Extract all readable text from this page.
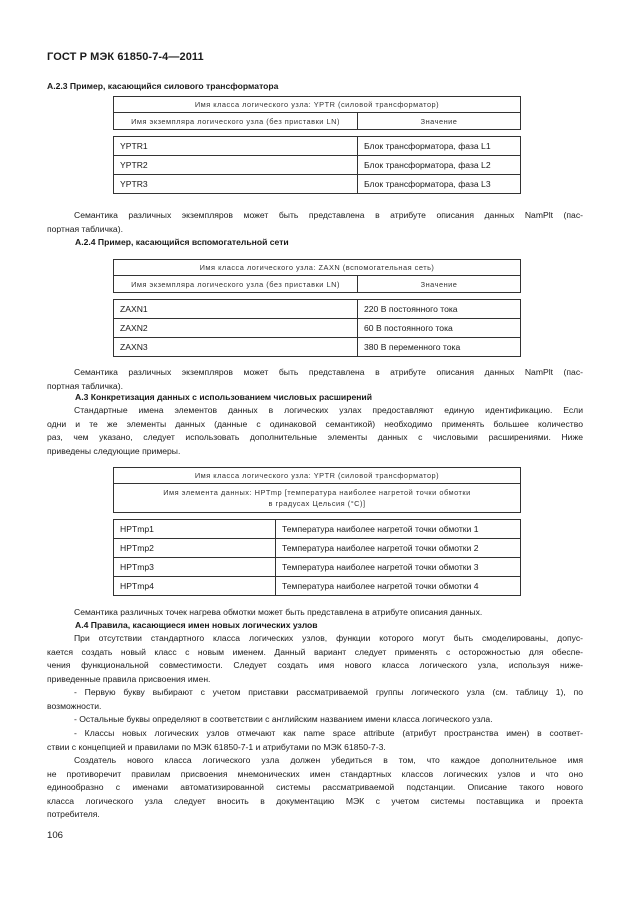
ГОСТ Р МЭК 61850-7-4—2011
А.2.3 Пример, касающийся силового трансформатора
Имя класса логического узла: YPTR (силовой трансформатор)	
Имя экземпляра логического узла (без приставки LN)	Значение

YPTR1	Блок трансформатора, фаза L1
YPTR2	Блок трансформатора, фаза L2
YPTR3	Блок трансформатора, фаза L3
Семантика различных экземпляров может быть представлена в атрибуте описания данных NamPlt (пас-
портная табличка).
А.2.4 Пример, касающийся вспомогательной сети
Имя класса логического узла: ZAXN (вспомогательная сеть)	
Имя экземпляра логического узла (без приставки LN)	Значение

ZAXN1	220 В постоянного тока
ZAXN2	60 В постоянного тока
ZAXN3	380 В переменного тока
Семантика различных экземпляров может быть представлена в атрибуте описания данных NamPlt (пас-
портная табличка).
А.3 Конкретизация данных с использованием числовых расширений
Стандартные имена элементов данных в логических узлах предоставляют единую идентификацию. Если
одни и те же элементы данных (данные с одинаковой семантикой) необходимо применять большее количество
раз, чем указано, следует использовать дополнительные элементы данных с числовыми расширениями. Ниже
приведены следующие примеры.
Имя класса логического узла: YPTR (силовой трансформатор)	

Имя элемента данных: HPTmp [температура наиболее нагретой точки обмотки
в градусах Цельсия (°С)]	

HPTmp1	Температура наиболее нагретой точки обмотки 1
HPTmp2	Температура наиболее нагретой точки обмотки 2
HPTmp3	Температура наиболее нагретой точки обмотки 3
HPTmp4	Температура наиболее нагретой точки обмотки 4
Семантика различных точек нагрева обмотки может быть представлена в атрибуте описания данных.
А.4 Правила, касающиеся имен новых логических узлов
При отсутствии стандартного класса логических узлов, функции которого могут быть смоделированы, допус-
кается создать новый класс с новым именем. Данный вариант следует применять с осторожностью для обеспе-
чения функциональной совместимости. Следует создать имя нового класса логического узла, используя ниже-
приведенные правила присвоения имен.
- Первую букву выбирают с учетом приставки рассматриваемой группы логического узла (см. таблицу 1), по
возможности.
- Остальные буквы определяют в соответствии с английским названием имени класса логического узла.
- Классы новых логических узлов отмечают как name space attribute (атрибут пространства имен) в соответ-
ствии с концепцией и правилами по МЭК 61850-7-1 и атрибутами по МЭК 61850-7-3.
Создатель нового класса логического узла должен убедиться в том, что каждое дополнительное имя
не противоречит правилам присвоения мнемонических имен стандартных классов логических узлов и что оно
единообразно с именами автоматизированной системы рассматриваемой подстанции. Описание такого нового
класса логического узла следует вносить в документацию МЭК с учетом системы поставщика и проекта
потребителя.
106
